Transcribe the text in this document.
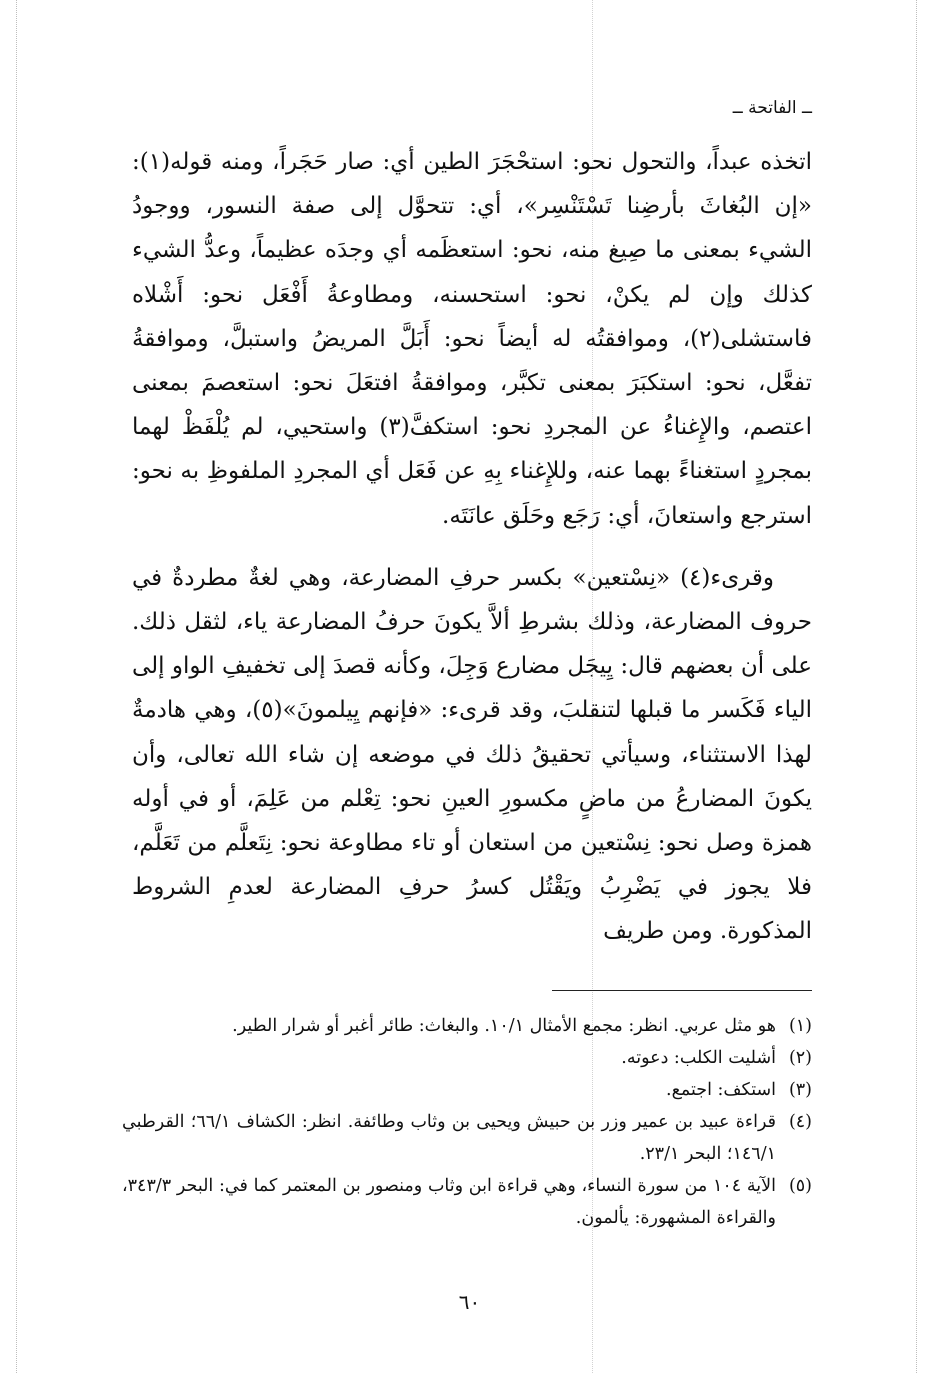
ــ الفاتحة ــ

اتخذه عبداً، والتحول نحو: استحْجَرَ الطين أي: صار حَجَراً، ومنه قوله(١): «إن البُغاثَ بأرضِنا تَسْتَنْسِر»، أي: تتحوَّل إلى صفة النسور، ووجودُ الشيء بمعنى ما صِيغ منه، نحو: استعظَمه أي وجدَه عظيماً، وعدُّ الشيء كذلك وإن لم يكنْ، نحو: استحسنه، ومطاوعةُ أَفْعَل نحو: أَشْلاه فاستشلى(٢)، وموافقتُه له أيضاً نحو: أَبَلَّ المريضُ واستبلَّ، وموافقةُ تفعَّل، نحو: استكبَرَ بمعنى تكبَّر، وموافقةُ افتعَلَ نحو: استعصمَ بمعنى اعتصم، والإِغناءُ عن المجردِ نحو: استكفَّ(٣) واستحيي، لم يُلْفَظْ لهما بمجردٍ استغناءً بهما عنه، وللإِغناء بِهِ عن فَعَل أي المجردِ الملفوظِ به نحو: استرجع واستعانَ، أي: رَجَع وحَلَق عانَتَه.

وقرىء(٤) «نِسْتعين» بكسر حرفِ المضارعة، وهي لغةٌ مطردةٌ في حروف المضارعة، وذلك بشرطِ ألاَّ يكونَ حرفُ المضارعة ياء، لثقل ذلك. على أن بعضهم قال: يِيجَل مضارع وَجِلَ، وكأنه قصدَ إلى تخفيفِ الواو إلى الياء فَكَسر ما قبلها لتنقلبَ، وقد قرىء: «فإنهم يِيلمونَ»(٥)، وهي هادمةٌ لهذا الاستثناء، وسيأتي تحقيقُ ذلك في موضعه إن شاء الله تعالى، وأن يكونَ المضارعُ من ماضٍ مكسورِ العينِ نحو: تِعْلم من عَلِمَ، أو في أوله همزة وصل نحو: نِسْتعين من استعان أو تاء مطاوعة نحو: نِتَعلَّم من تَعَلَّم، فلا يجوز في يَضْرِبُ ويَقْتُل كسرُ حرفِ المضارعة لعدمِ الشروط المذكورة. ومن طريف

(١)
هو مثل عربي. انظر: مجمع الأمثال ١٠/١. والبغاث: طائر أغبر أو شرار الطير.
(٢)
أشليت الكلب: دعوته.
(٣)
استكف: اجتمع.
(٤)
قراءة عبيد بن عمير وزر بن حبيش ويحيى بن وثاب وطائفة. انظر: الكشاف ٦٦/١؛ القرطبي ١٤٦/١؛ البحر ٢٣/١.
(٥)
الآية ١٠٤ من سورة النساء، وهي قراءة ابن وثاب ومنصور بن المعتمر كما في: البحر ٣٤٣/٣، والقراءة المشهورة: يألمون.
٦٠
